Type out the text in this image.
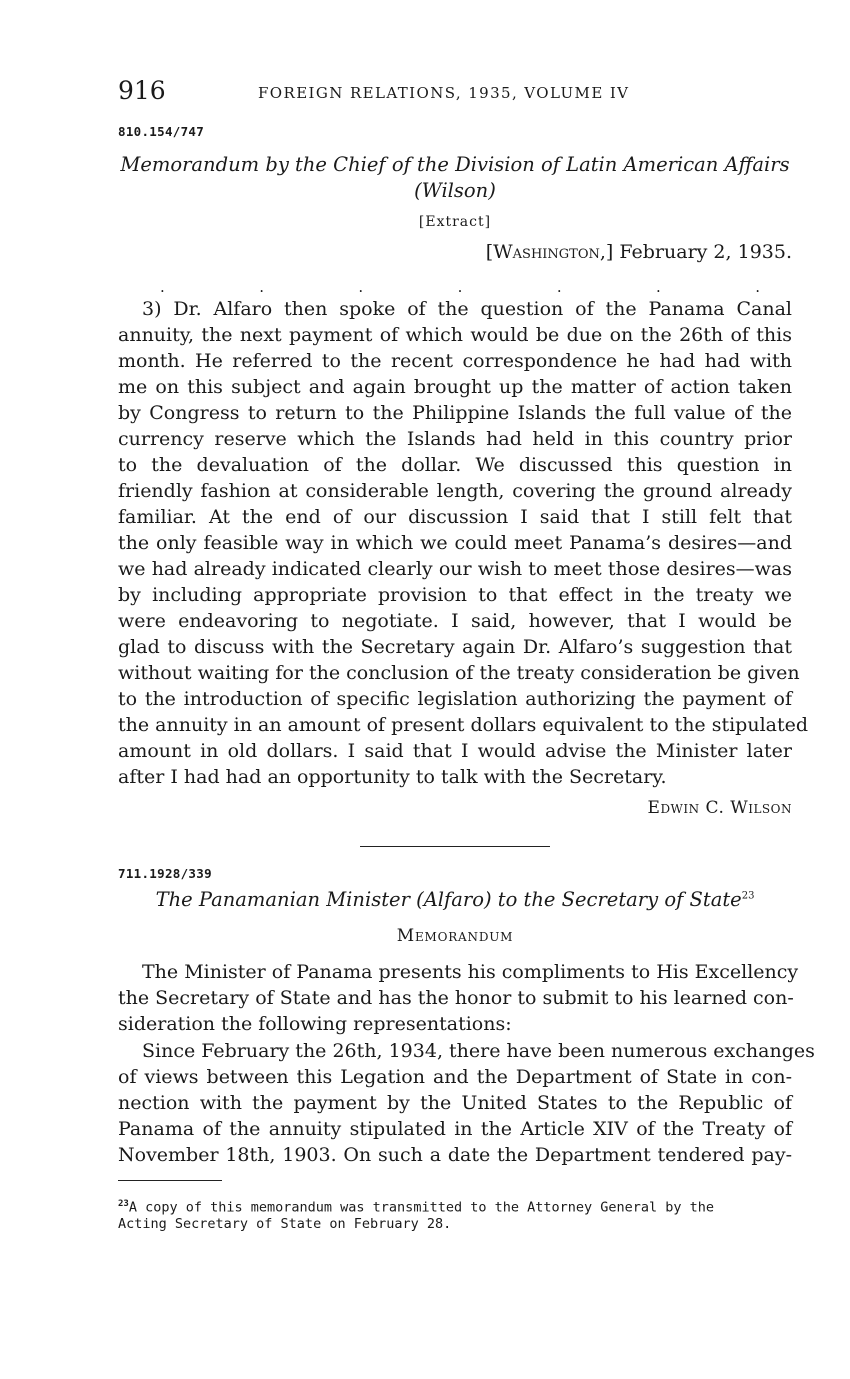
916	FOREIGN RELATIONS, 1935, VOLUME IV
810.154/747
Memorandum by the Chief of the Division of Latin American Affairs
(Wilson)
[Extract]
[Washington,] February 2, 1935.
.	.	.	.	.	.	.
3) Dr. Alfaro then spoke of the question of the Panama Canal
annuity, the next payment of which would be due on the 26th of this
month. He referred to the recent correspondence he had had with
me on this subject and again brought up the matter of action taken
by Congress to return to the Philippine Islands the full value of the
currency reserve which the Islands had held in this country prior
to the devaluation of the dollar. We discussed this question in
friendly fashion at considerable length, covering the ground already
familiar. At the end of our discussion I said that I still felt that
the only feasible way in which we could meet Panama’s desires—and
we had already indicated clearly our wish to meet those desires—was
by including appropriate provision to that effect in the treaty we
were endeavoring to negotiate. I said, however, that I would be
glad to discuss with the Secretary again Dr. Alfaro’s suggestion that
without waiting for the conclusion of the treaty consideration be given
to the introduction of specific legislation authorizing the payment of
the annuity in an amount of present dollars equivalent to the stipulated
amount in old dollars. I said that I would advise the Minister later
after I had had an opportunity to talk with the Secretary.
Edwin C. Wilson
711.1928/339
The Panamanian Minister (Alfaro) to the Secretary of State$^{23}$
Memorandum
The Minister of Panama presents his compliments to His Excellency
the Secretary of State and has the honor to submit to his learned con-
sideration the following representations:
Since February the 26th, 1934, there have been numerous exchanges
of views between this Legation and the Department of State in con-
nection with the payment by the United States to the Republic of
Panama of the annuity stipulated in the Article XIV of the Treaty of
November 18th, 1903. On such a date the Department tendered pay-
$^{23}$A copy of this memorandum was transmitted to the Attorney General by the
Acting Secretary of State on February 28.
